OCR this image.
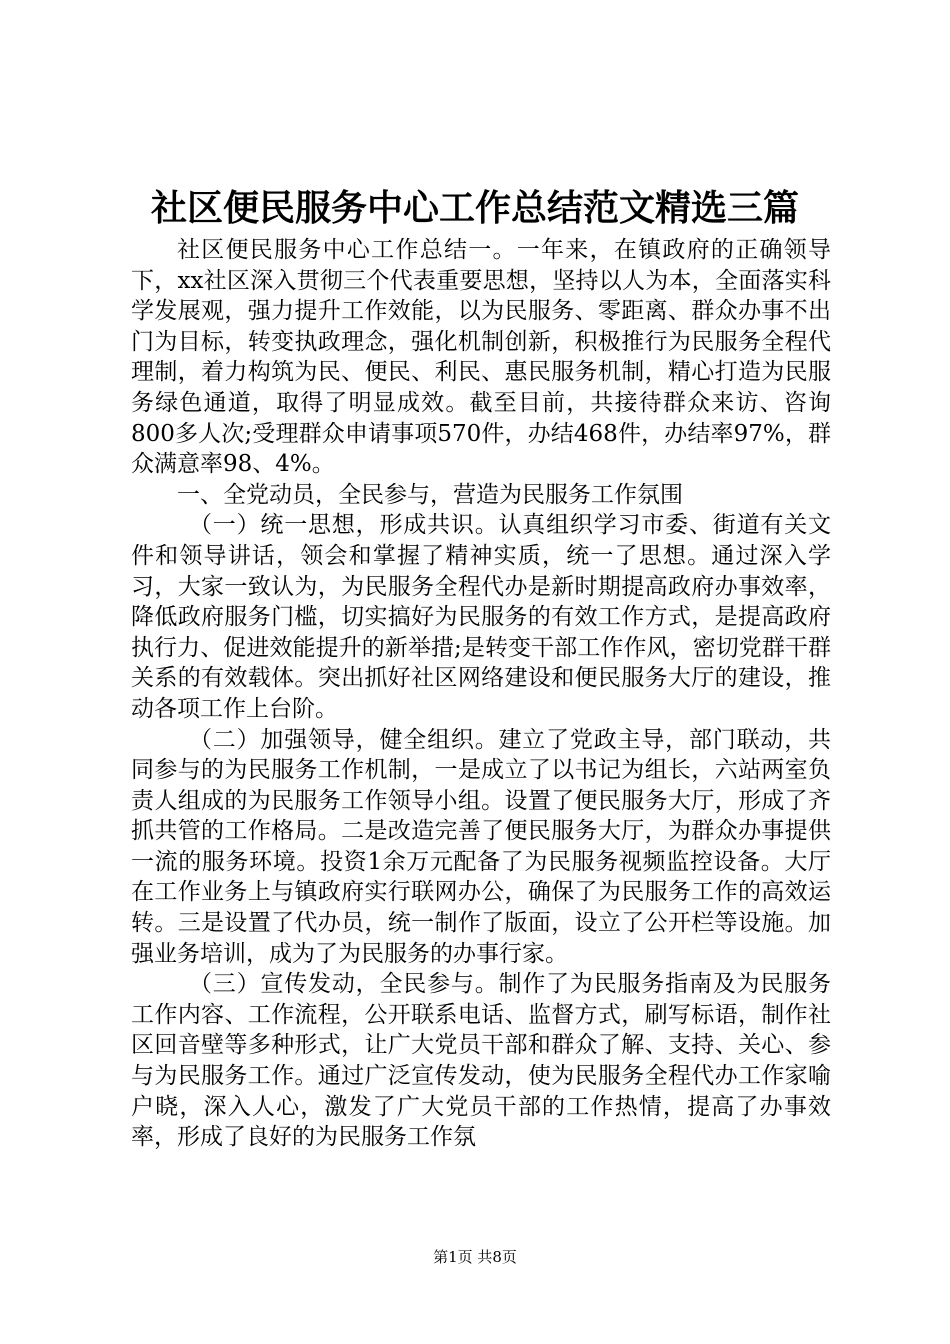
社区便民服务中心工作总结范文精选三篇

社区便民服务中心工作总结一。一年来，在镇政府的正确领导下，xx社区深入贯彻三个代表重要思想，坚持以人为本，全面落实科学发展观，强力提升工作效能，以为民服务、零距离、群众办事不出门为目标，转变执政理念，强化机制创新，积极推行为民服务全程代理制，着力构筑为民、便民、利民、惠民服务机制，精心打造为民服务绿色通道，取得了明显成效。截至目前，共接待群众来访、咨询800多人次;受理群众申请事项570件，办结468件，办结率97%，群众满意率98、4%。

一、全党动员，全民参与，营造为民服务工作氛围

（一）统一思想，形成共识。认真组织学习市委、街道有关文件和领导讲话，领会和掌握了精神实质，统一了思想。通过深入学习，大家一致认为，为民服务全程代办是新时期提高政府办事效率，降低政府服务门槛，切实搞好为民服务的有效工作方式，是提高政府执行力、促进效能提升的新举措;是转变干部工作作风，密切党群干群关系的有效载体。突出抓好社区网络建设和便民服务大厅的建设，推动各项工作上台阶。

（二）加强领导，健全组织。建立了党政主导，部门联动，共同参与的为民服务工作机制，一是成立了以书记为组长，六站两室负责人组成的为民服务工作领导小组。设置了便民服务大厅，形成了齐抓共管的工作格局。二是改造完善了便民服务大厅，为群众办事提供一流的服务环境。投资1余万元配备了为民服务视频监控设备。大厅在工作业务上与镇政府实行联网办公，确保了为民服务工作的高效运转。三是设置了代办员，统一制作了版面，设立了公开栏等设施。加强业务培训，成为了为民服务的办事行家。

（三）宣传发动，全民参与。制作了为民服务指南及为民服务工作内容、工作流程，公开联系电话、监督方式，刷写标语，制作社区回音壁等多种形式，让广大党员干部和群众了解、支持、关心、参与为民服务工作。通过广泛宣传发动，使为民服务全程代办工作家喻户晓，深入人心，激发了广大党员干部的工作热情，提高了办事效率，形成了良好的为民服务工作氛

第1页 共8页
